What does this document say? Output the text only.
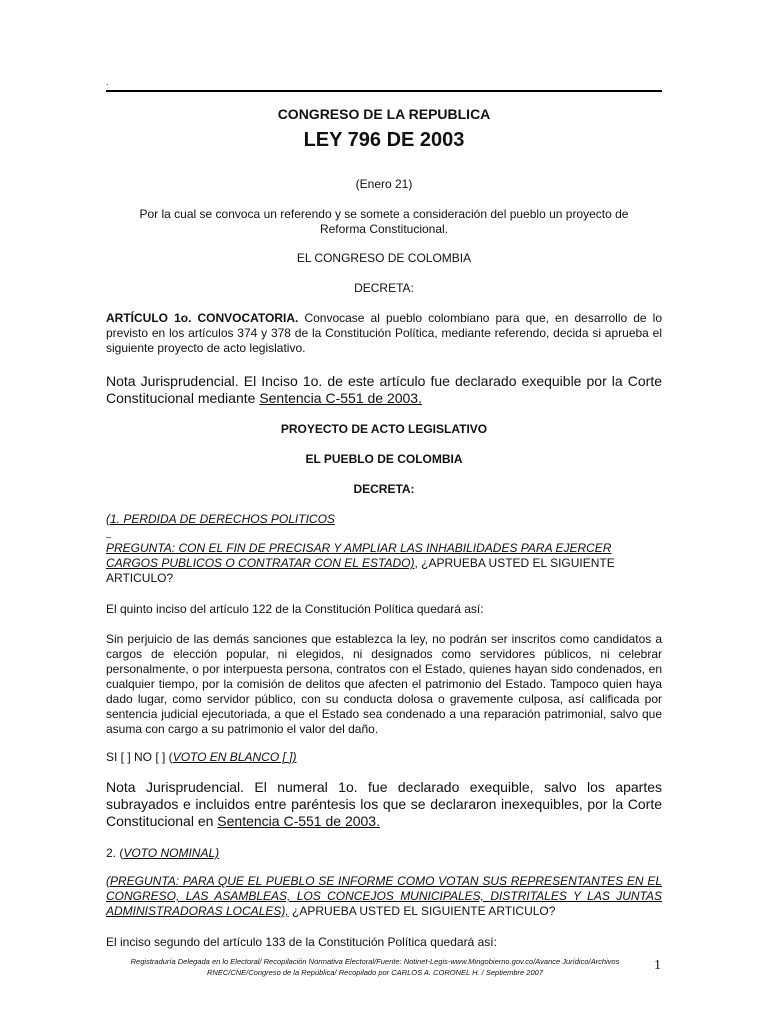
.
CONGRESO DE LA REPUBLICA
LEY 796 DE 2003
(Enero 21)
Por la cual se convoca un referendo y se somete a consideración del pueblo un proyecto de Reforma Constitucional.
EL CONGRESO DE COLOMBIA
DECRETA:
ARTÍCULO 1o. CONVOCATORIA. Convocase al pueblo colombiano para que, en desarrollo de lo previsto en los artículos 374 y 378 de la Constitución Política, mediante referendo, decida si aprueba el siguiente proyecto de acto legislativo.
Nota Jurisprudencial. El Inciso 1o. de este artículo fue declarado exequible por la Corte Constitucional mediante Sentencia C-551 de 2003.
PROYECTO DE ACTO LEGISLATIVO
EL PUEBLO DE COLOMBIA
DECRETA:
(1. PERDIDA DE DERECHOS POLITICOS
_
PREGUNTA: CON EL FIN DE PRECISAR Y AMPLIAR LAS INHABILIDADES PARA EJERCER CARGOS PUBLICOS O CONTRATAR CON EL ESTADO), ¿APRUEBA USTED EL SIGUIENTE ARTICULO?
El quinto inciso del artículo 122 de la Constitución Política quedará así:
Sin perjuicio de las demás sanciones que establezca la ley, no podrán ser inscritos como candidatos a cargos de elección popular, ni elegidos, ni designados como servidores públicos, ni celebrar personalmente, o por interpuesta persona, contratos con el Estado, quienes hayan sido condenados, en cualquier tiempo, por la comisión de delitos que afecten el patrimonio del Estado. Tampoco quien haya dado lugar, como servidor público, con su conducta dolosa o gravemente culposa, así calificada por sentencia judicial ejecutoriada, a que el Estado sea condenado a una reparación patrimonial, salvo que asuma con cargo a su patrimonio el valor del daño.
SI [ ] NO [ ] (VOTO EN BLANCO [ ])
Nota Jurisprudencial. El numeral 1o. fue declarado exequible, salvo los apartes subrayados e incluidos entre paréntesis los que se declararon inexequibles, por la Corte Constitucional en Sentencia C-551 de 2003.
2. (VOTO NOMINAL)
(PREGUNTA: PARA QUE EL PUEBLO SE INFORME COMO VOTAN SUS REPRESENTANTES EN EL CONGRESO, LAS ASAMBLEAS, LOS CONCEJOS MUNICIPALES, DISTRITALES Y LAS JUNTAS ADMINISTRADORAS LOCALES), ¿APRUEBA USTED EL SIGUIENTE ARTICULO?
El inciso segundo del artículo 133 de la Constitución Política quedará así:
Registraduría Delegada en lo Electoral/ Recopilación Normativa Electoral/Fuente: Notinet-Legis-www.Mingobierno.gov.co/Avance Jurídico/Archivos
RNEC/CNE/Congreso de la República/ Recopilado por CARLOS A. CORONEL H. / Septiembre 2007	1
